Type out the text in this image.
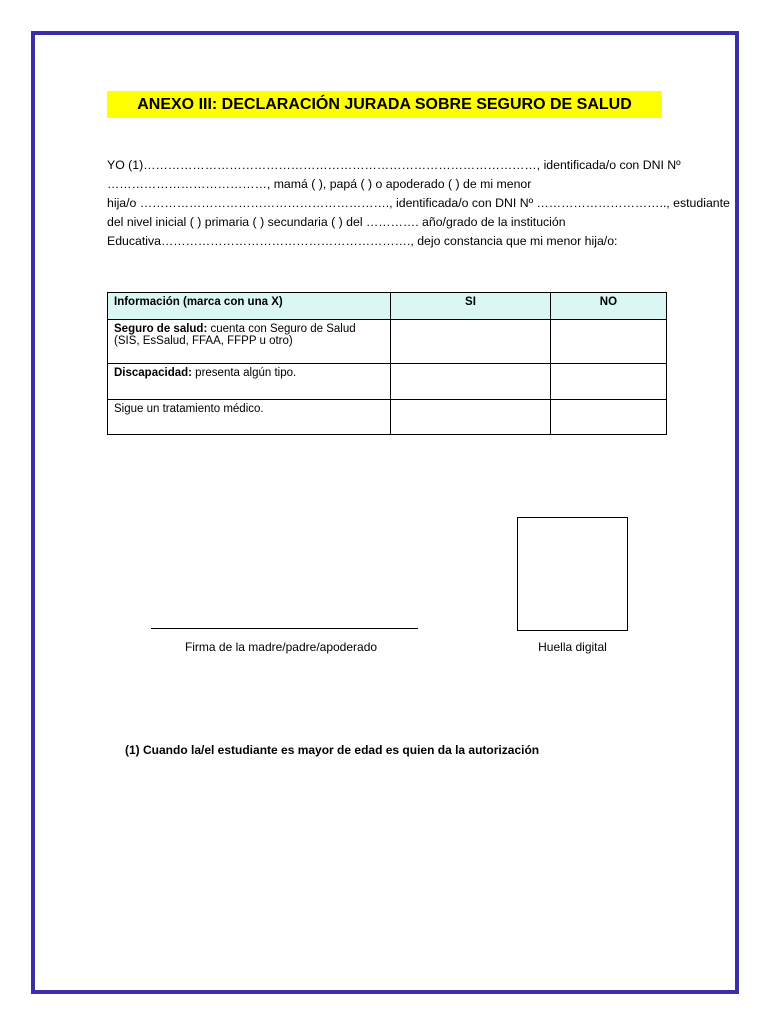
ANEXO III: DECLARACIÓN JURADA SOBRE SEGURO DE SALUD
YO (1)……………………………………………………………………………………, identificada/o con DNI Nº
…………………………………, mamá ( ), papá ( ) o apoderado ( ) de mi menor
hija/o ……………………………………………………., identificada/o con DNI Nº ………………………….., estudiante
del nivel inicial ( ) primaria ( ) secundaria ( ) del …………. año/grado de la institución
Educativa……………………………………………………., dejo constancia que mi menor hija/o:
Información (marca con una X)	SI	NO
Seguro de salud: cuenta con Seguro de Salud (SIS, EsSalud, FFAA, FFPP u otro)		
Discapacidad: presenta algún tipo.		
Sigue un tratamiento médico.		
Firma de la madre/padre/apoderado	Huella digital
(1) Cuando la/el estudiante es mayor de edad es quien da la autorización
